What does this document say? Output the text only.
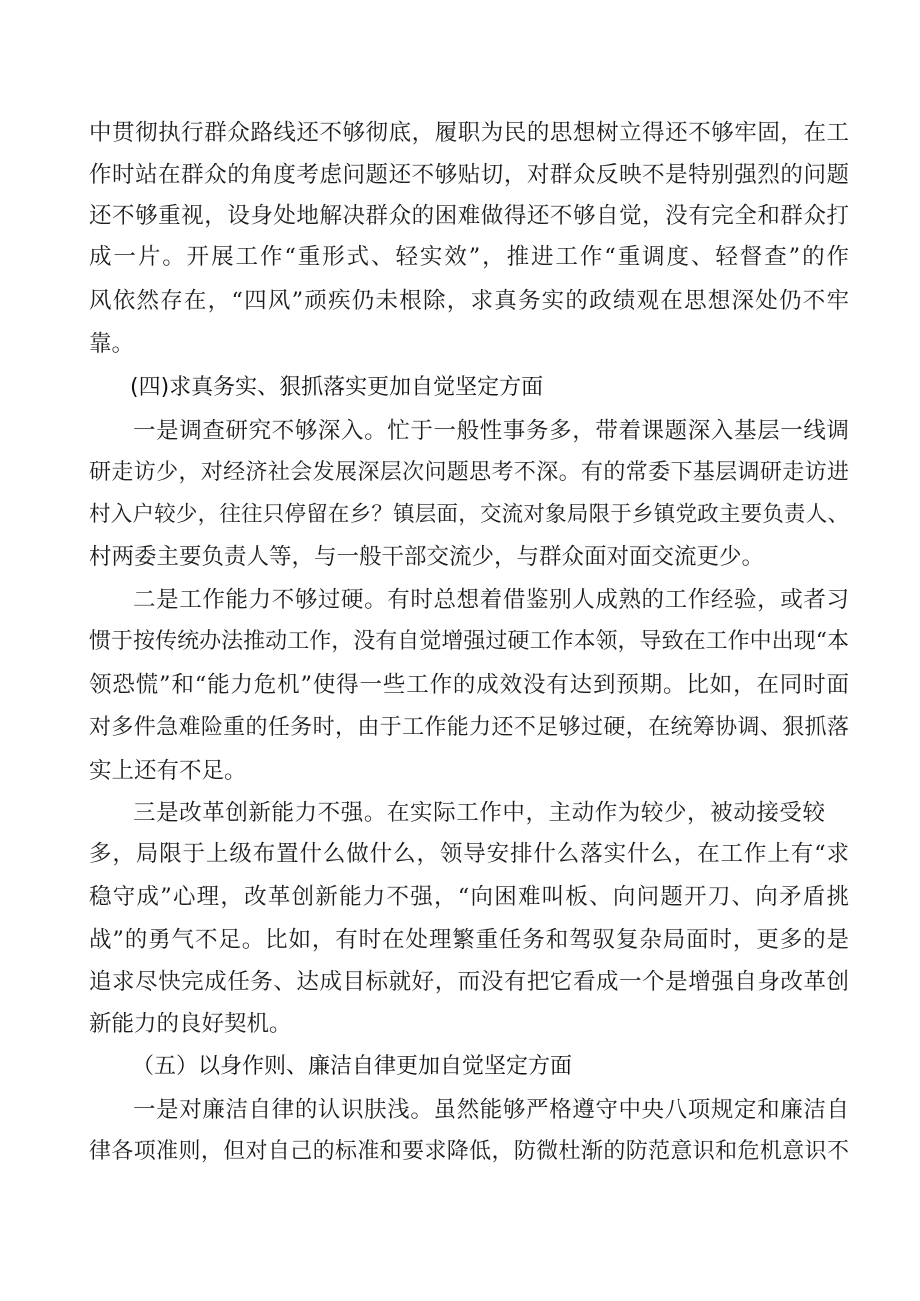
中贯彻执行群众路线还不够彻底，履职为民的思想树立得还不够牢固，在工
作时站在群众的角度考虑问题还不够贴切，对群众反映不是特别强烈的问题
还不够重视，设身处地解决群众的困难做得还不够自觉，没有完全和群众打
成一片。开展工作“重形式、轻实效”，推进工作“重调度、轻督查”的作
风依然存在，“四风”顽疾仍未根除，求真务实的政绩观在思想深处仍不牢
靠。
(四)求真务实、狠抓落实更加自觉坚定方面
一是调查研究不够深入。忙于一般性事务多，带着课题深入基层一线调
研走访少，对经济社会发展深层次问题思考不深。有的常委下基层调研走访进
村入户较少，往往只停留在乡？镇层面，交流对象局限于乡镇党政主要负责人、
村两委主要负责人等，与一般干部交流少，与群众面对面交流更少。
二是工作能力不够过硬。有时总想着借鉴别人成熟的工作经验，或者习
惯于按传统办法推动工作，没有自觉增强过硬工作本领，导致在工作中出现“本
领恐慌”和“能力危机”使得一些工作的成效没有达到预期。比如，在同时面
对多件急难险重的任务时，由于工作能力还不足够过硬，在统筹协调、狠抓落
实上还有不足。
三是改革创新能力不强。在实际工作中，主动作为较少，被动接受较
多，局限于上级布置什么做什么，领导安排什么落实什么，在工作上有“求
稳守成”心理，改革创新能力不强，“向困难叫板、向问题开刀、向矛盾挑
战”的勇气不足。比如，有时在处理繁重任务和驾驭复杂局面时，更多的是
追求尽快完成任务、达成目标就好，而没有把它看成一个是增强自身改革创
新能力的良好契机。
（五）以身作则、廉洁自律更加自觉坚定方面
一是对廉洁自律的认识肤浅。虽然能够严格遵守中央八项规定和廉洁自
律各项准则，但对自己的标准和要求降低，防微杜渐的防范意识和危机意识不
